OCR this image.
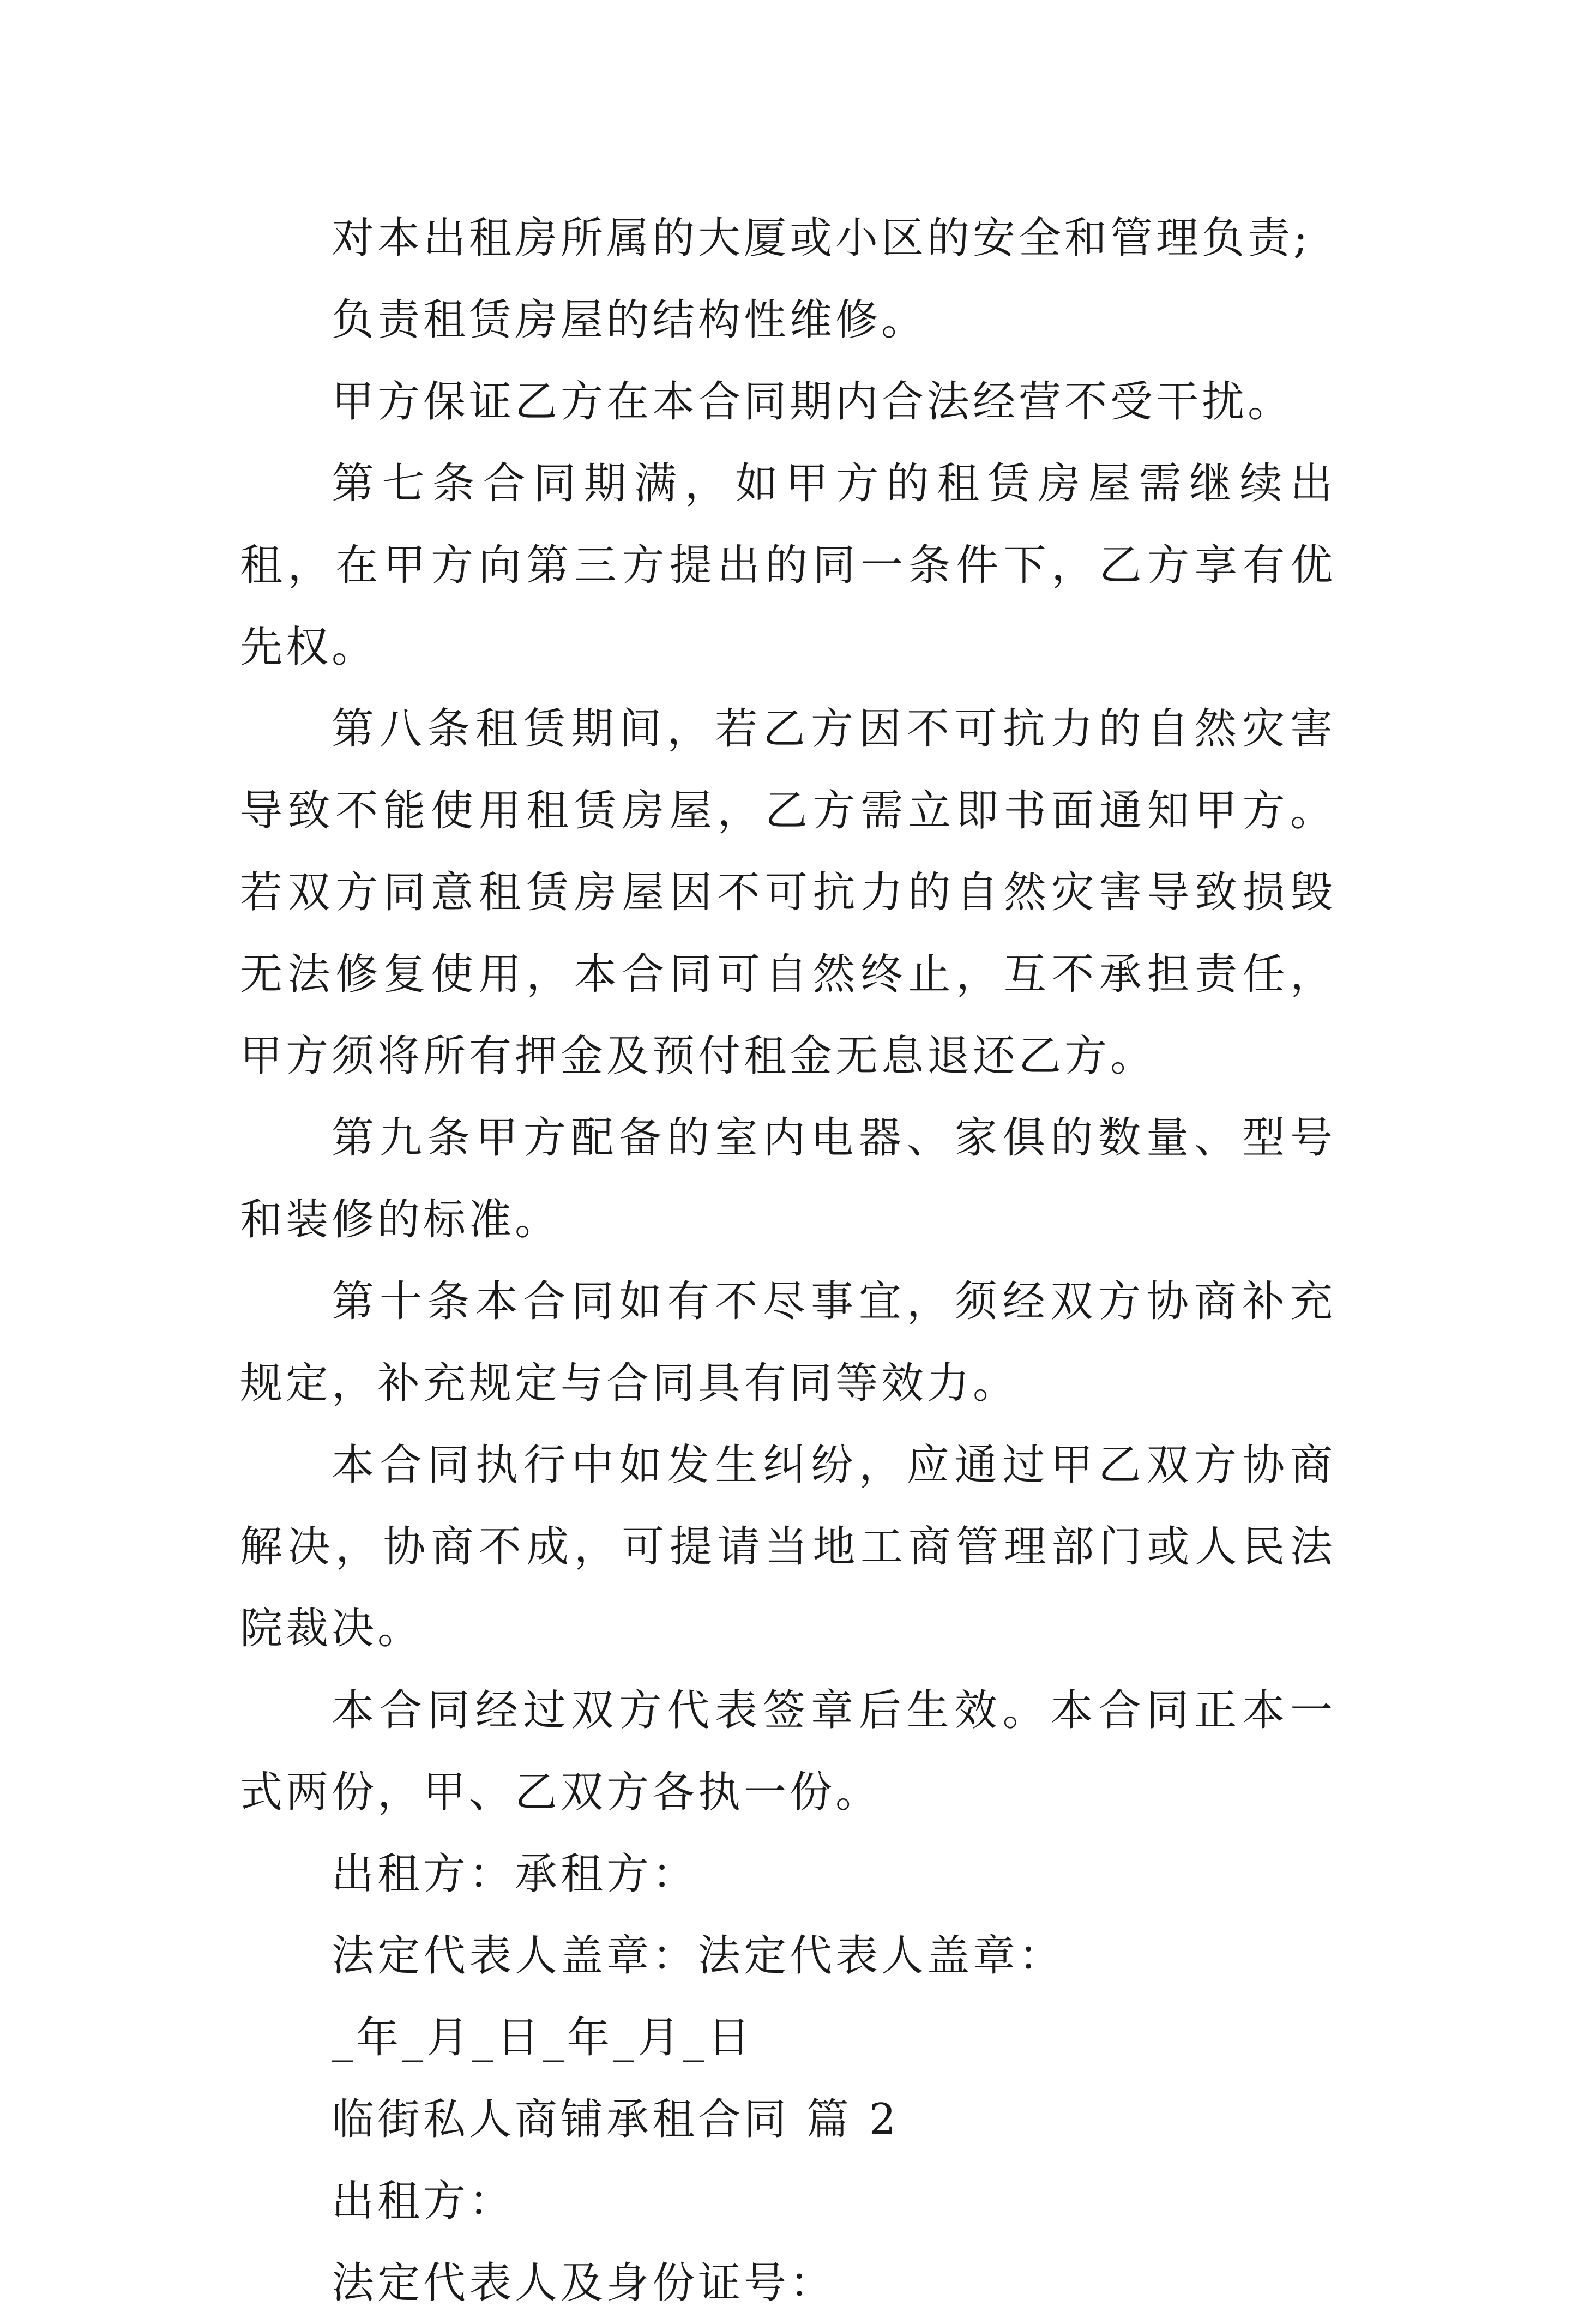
对本出租房所属的大厦或小区的安全和管理负责;

负责租赁房屋的结构性维修。

甲方保证乙方在本合同期内合法经营不受干扰。

第七条合同期满，如甲方的租赁房屋需继续出租，在甲方向第三方提出的同一条件下，乙方享有优先权。

第八条租赁期间，若乙方因不可抗力的自然灾害导致不能使用租赁房屋，乙方需立即书面通知甲方。若双方同意租赁房屋因不可抗力的自然灾害导致损毁无法修复使用，本合同可自然终止，互不承担责任，甲方须将所有押金及预付租金无息退还乙方。

第九条甲方配备的室内电器、家俱的数量、型号和装修的标准。

第十条本合同如有不尽事宜，须经双方协商补充规定，补充规定与合同具有同等效力。

本合同执行中如发生纠纷，应通过甲乙双方协商解决，协商不成，可提请当地工商管理部门或人民法院裁决。

本合同经过双方代表签章后生效。本合同正本一式两份，甲、乙双方各执一份。

出租方：承租方：

法定代表人盖章：法定代表人盖章：

_年_月_日_年_月_日

临街私人商铺承租合同 篇 2

出租方：

法定代表人及身份证号：
